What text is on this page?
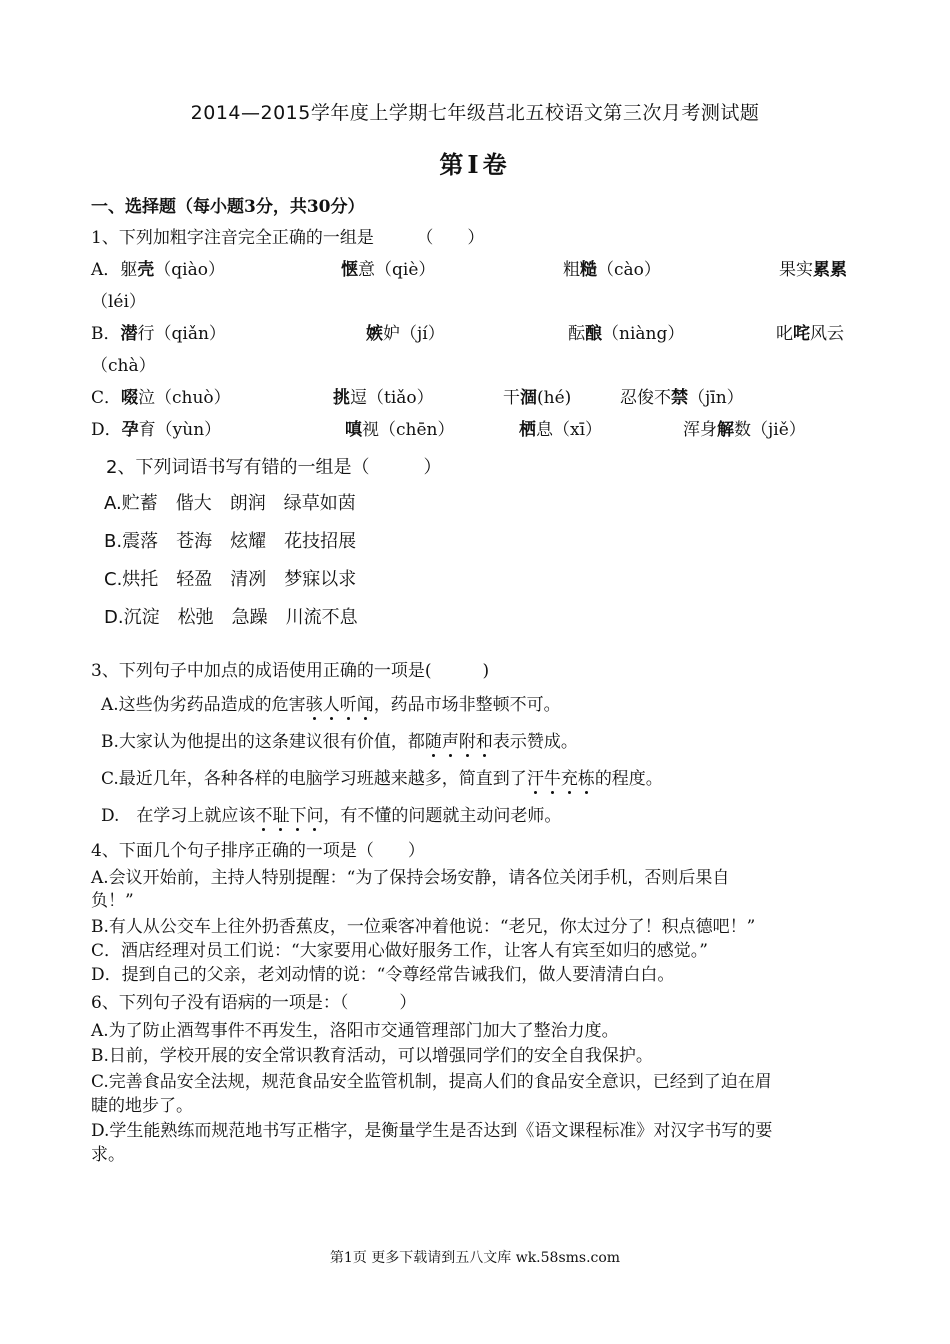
2014—2015学年度上学期七年级莒北五校语文第三次月考测试题
第Ⅰ卷
一、选择题（每小题3分，共30分）
1、下列加粗字注音完全正确的一组是　　　（　　）
A．躯壳（qiào）	惬意（qiè）	粗糙（cào）	果实累累
（léi）
B．潜行（qiǎn）	嫉妒（jí）	酝酿（niàng）	叱咤风云
（chà）
C．啜泣（chuò）	挑逗（tiǎo）	干涸(hé)	忍俊不禁（jīn）
D．孕育（yùn）	嗔视（chēn）	栖息（xī）	浑身解数（jiě）
2、下列词语书写有错的一组是（　　　）
A.贮蓄　偕大　朗润　绿草如茵
B.震落　苍海　炫耀　花技招展
C.烘托　轻盈　清冽　梦寐以求
D.沉淀　松弛　急躁　川流不息
3、下列句子中加点的成语使用正确的一项是(　　　)
A.这些伪劣药品造成的危害骇人听闻，药品市场非整顿不可。
B.大家认为他提出的这条建议很有价值，都随声附和表示赞成。
C.最近几年，各种各样的电脑学习班越来越多，简直到了汗牛充栋的程度。
D.　在学习上就应该不耻下问，有不懂的问题就主动问老师。
4、下面几个句子排序正确的一项是（　　）
A.会议开始前，主持人特别提醒：“为了保持会场安静，请各位关闭手机，否则后果自
负！”
B.有人从公交车上往外扔香蕉皮，一位乘客冲着他说：“老兄，你太过分了！积点德吧！”
C．酒店经理对员工们说：“大家要用心做好服务工作，让客人有宾至如归的感觉。”
D．提到自己的父亲，老刘动情的说：“令尊经常告诫我们，做人要清清白白。
6、下列句子没有语病的一项是：（　　　）
A.为了防止酒驾事件不再发生，洛阳市交通管理部门加大了整治力度。
B.日前，学校开展的安全常识教育活动，可以增强同学们的安全自我保护。
C.完善食品安全法规，规范食品安全监管机制，提高人们的食品安全意识，已经到了迫在眉
睫的地步了。
D.学生能熟练而规范地书写正楷字，是衡量学生是否达到《语文课程标准》对汉字书写的要
求。
第1页 更多下载请到五八文库 wk.58sms.com
